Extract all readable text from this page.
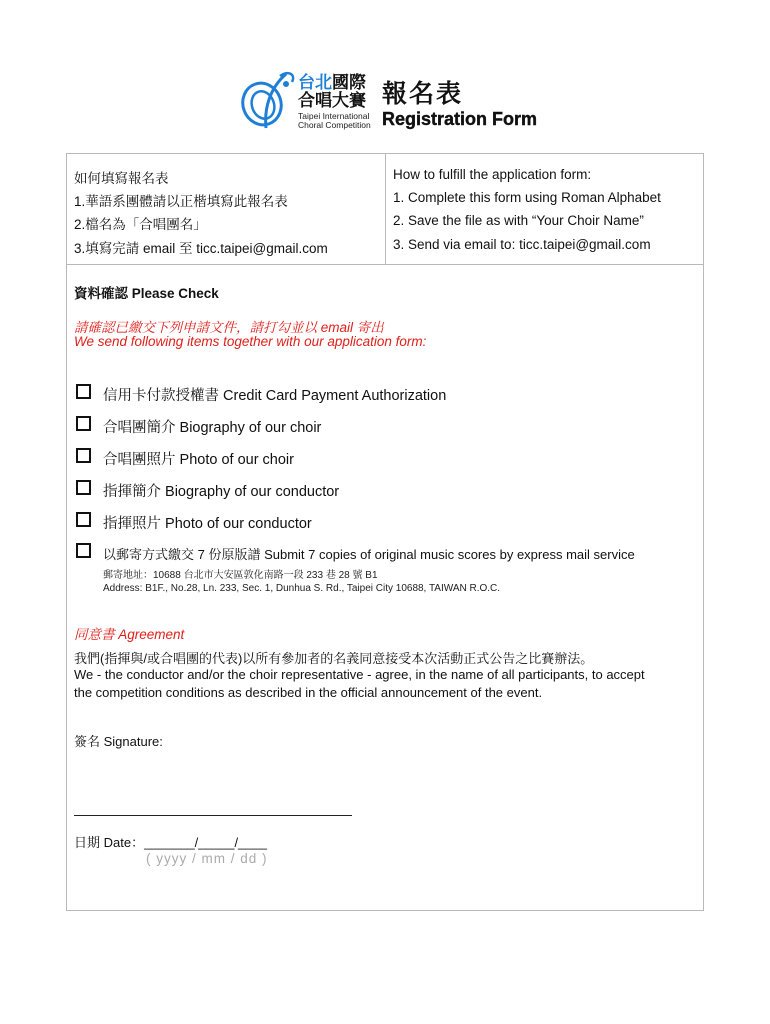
台北國際
合唱大賽
Taipei International
Choral Competition
報名表
Registration Form
如何填寫報名表
1.華語系團體請以正楷填寫此報名表
2.檔名為「合唱團名」
3.填寫完請 email 至 ticc.taipei@gmail.com
How to fulfill the application form:
1. Complete this form using Roman Alphabet
2. Save the file as with “Your Choir Name”
3. Send via email to: ticc.taipei@gmail.com
資料確認 Please Check
請確認已繳交下列申請文件，請打勾並以 email 寄出
We send following items together with our application form:
信用卡付款授權書 Credit Card Payment Authorization
合唱團簡介 Biography of our choir
合唱團照片 Photo of our choir
指揮簡介 Biography of our conductor
指揮照片 Photo of our conductor
以郵寄方式繳交 7 份原版譜 Submit 7 copies of original music scores by express mail service
郵寄地址：10688 台北市大安區敦化南路一段 233 巷 28 號 B1
Address: B1F., No.28, Ln. 233, Sec. 1, Dunhua S. Rd., Taipei City 10688, TAIWAN R.O.C.
同意書 Agreement
我們(指揮與/或合唱團的代表)以所有參加者的名義同意接受本次活動正式公告之比賽辦法。
We - the conductor and/or the choir representative - agree, in the name of all participants, to accept
the competition conditions as described in the official announcement of the event.
簽名 Signature:
日期 Date：_______/_____/____
( yyyy / mm / dd )
